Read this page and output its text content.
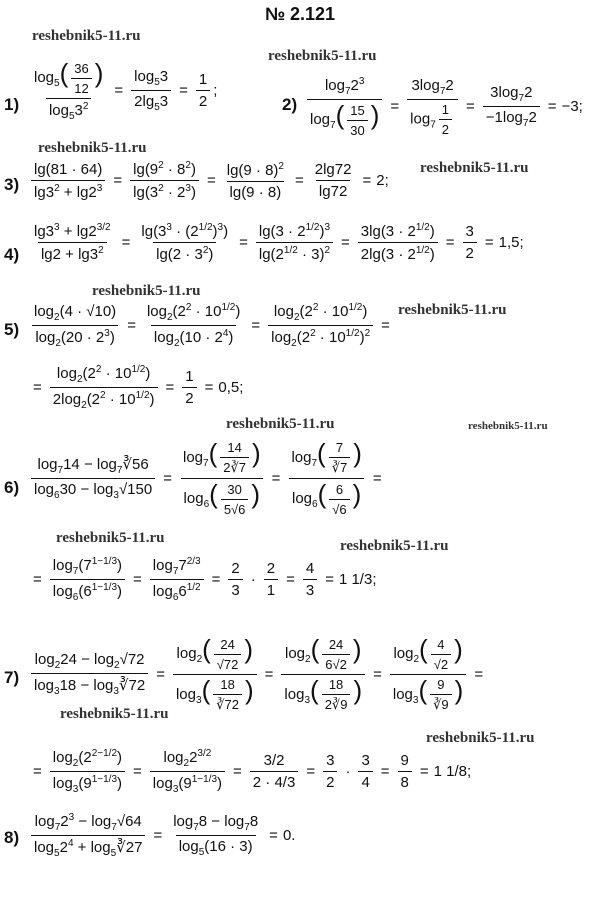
№ 2.121
reshebnik5-11.ru
reshebnik5-11.ru
reshebnik5-11.ru
reshebnik5-11.ru
reshebnik5-11.ru
reshebnik5-11.ru
reshebnik5-11.ru	reshebnik5-11.ru
reshebnik5-11.ru	reshebnik5-11.ru
reshebnik5-11.ru
reshebnik5-11.ru
$1) \frac{\log_5( \frac{36}{12} )}{\log_53^2} = \frac{\log_53}{2\lg_53} = \frac{1}{2}$ ;
$2) \frac{\log_72^3}{\log_7( \frac{15}{30} )} = \frac{3\log_72}{\log_7 \frac{1}{2}} = \frac{3\log_72}{-1\log_72} = -3$ ;
$3) \frac{\lg(81 \cdot 64)}{\lg 3^2 + \lg 2^3} = \frac{\lg(9^2 \cdot 8^2)}{\lg(3^2 \cdot 2^3)} = \frac{\lg(9 \cdot 8)^2}{\lg(9 \cdot 8)} = \frac{2\lg 72}{\lg 72} = 2$ ;
$4) \frac{\lg 3^3 + \lg 2^{3/2}}{\lg 2 + \lg 3^2} = \frac{\lg(3^3 \cdot (2^{1/2})^3)}{\lg(2 \cdot 3^2)} = \frac{\lg(3 \cdot 2^{1/2})^3}{\lg(2^{1/2} \cdot 3)^2} = \frac{3\lg(3 \cdot 2^{1/2})}{2\lg(3 \cdot 2^{1/2})} = \frac{3}{2} = 1,5$ ;
$5) \frac{\log_2(4 \cdot √10)}{\log_2(20 \cdot 2^3)} = \frac{\log_2(2^2 \cdot 10^{1/2})}{\log_2(10 \cdot 2^4)} = \frac{\log_2(2^2 \cdot 10^{1/2})}{\log_2(2^2 \cdot 10^{1/2})^2}$ =
= $\frac{\log_2(2^2 \cdot 10^{1/2})}{2\log_2(2^2 \cdot 10^{1/2})} = \frac{1}{2} = 0,5$ ;
$6) \frac{\log_714 - \log_7∛56}{\log_630 - \log_3√150} = \frac{\log_7( \frac{14}{2∛7} )}{\log_6( \frac{30}{5√6} )} = \frac{\log_7( \frac{7}{∛7} )}{\log_6( \frac{6}{√6} )}$ =
= $\frac{\log_7(7^{1-1/3})}{\log_6(6^{1-1/3})} = \frac{\log_77^{2/3}}{\log_66^{1/2}} = \frac{2}{3} \cdot \frac{2}{1} = \frac{4}{3} = 1$ 1/3 ;
$7) \frac{\log_224 - \log_2√72}{\log_318 - \log_3∛72} = \frac{\log_2( \frac{24}{√72} )}{\log_3( \frac{18}{∛72} )} = \frac{\log_2( \frac{24}{6√2} )}{\log_3( \frac{18}{2∛9} )} = \frac{\log_2( \frac{4}{√2} )}{\log_3( \frac{9}{∛9} )}$ =
= $\frac{\log_2(2^{2-1/2})}{\log_3(9^{1-1/3})} = \frac{\log_22^{3/2}}{\log_3(9^{1-1/3})} = \frac{3/2}{2 \cdot 4/3} = \frac{3}{2} \cdot \frac{3}{4} = \frac{9}{8} = 1$ 1/8 ;
$8) \frac{\log_72^3 - \log_7√64}{\log_52^4 + \log_5∛27} = \frac{\log_78 - \log_78}{\log_5(16 \cdot 3)} = 0$ .
